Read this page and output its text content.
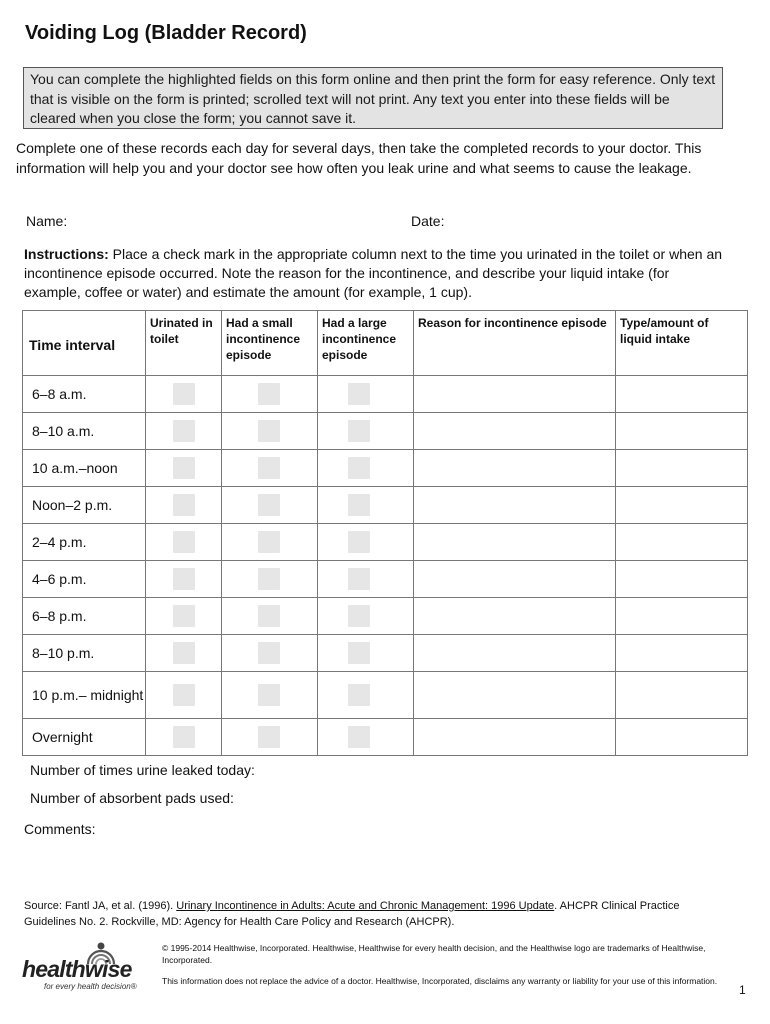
Voiding Log (Bladder Record)
You can complete the highlighted fields on this form online and then print the form for easy reference. Only text that is visible on the form is printed; scrolled text will not print. Any text you enter into these fields will be cleared when you close the form; you cannot save it.

Complete one of these records each day for several days, then take the completed records to your doctor. This information will help you and your doctor see how often you leak urine and what seems to cause the leakage.

Name:	Date:

Instructions: Place a check mark in the appropriate column next to the time you urinated in the toilet or when an incontinence episode occurred. Note the reason for the incontinence, and describe your liquid intake (for example, coffee or water) and estimate the amount (for example, 1 cup).

Time interval	Urinated in toilet	Had a small incontinence episode	Had a large incontinence episode	Reason for incontinence episode	Type/amount of liquid intake
6–8 a.m.	

8–10 a.m.	

10 a.m.–noon	

Noon–2 p.m.	

2–4 p.m.	

4–6 p.m.	

6–8 p.m.	

8–10 p.m.	

10 p.m.– midnight	

Overnight	

Number of times urine leaked today:
Number of absorbent pads used:
Comments:

Source: Fantl JA, et al. (1996). Urinary Incontinence in Adults: Acute and Chronic Management: 1996 Update. AHCPR Clinical Practice Guidelines No. 2. Rockville, MD: Agency for Health Care Policy and Research (AHCPR).

healthwise
for every health decision®

© 1995-2014 Healthwise, Incorporated. Healthwise, Healthwise for every health decision, and the Healthwise logo are trademarks of Healthwise, Incorporated.

This information does not replace the advice of a doctor. Healthwise, Incorporated, disclaims any warranty or liability for your use of this information.

1
